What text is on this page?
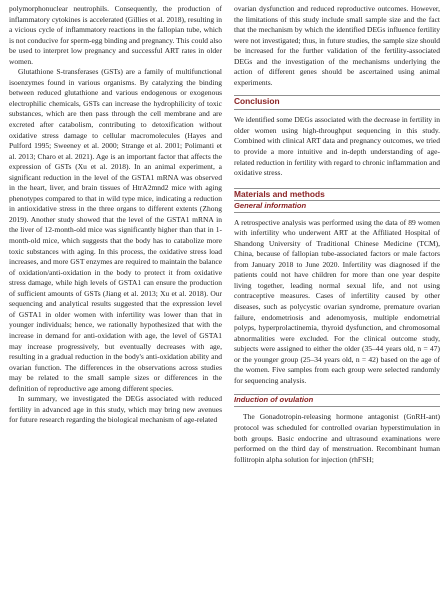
polymorphonuclear neutrophils. Consequently, the production of inflammatory cytokines is accelerated (Gillies et al. 2018), resulting in a vicious cycle of inflammatory reactions in the fallopian tube, which is not conducive for sperm-egg binding and pregnancy. This could also be used to interpret low pregnancy and successful ART rates in older women.

Glutathione S-transferases (GSTs) are a family of multifunctional isoenzymes found in various organisms. By catalyzing the binding between reduced glutathione and various endogenous or exogenous electrophilic chemicals, GSTs can increase the hydrophilicity of toxic substances, which are then pass through the cell membrane and are excreted after catabolism, contributing to detoxification without oxidative stress damage to cellular macromolecules (Hayes and Pulford 1995; Sweeney et al. 2000; Strange et al. 2001; Polimanti et al. 2013; Charo et al. 2021). Age is an important factor that affects the expression of GSTs (Xu et al. 2018). In an animal experiment, a significant reduction in the level of the GSTA1 mRNA was observed in the heart, liver, and brain tissues of HtrA2mnd2 mice with aging phenotypes compared to that in wild type mice, indicating a reduction in antioxidative stress in the three organs to different extents (Zhong 2019). Another study showed that the level of the GSTA1 mRNA in the liver of 12-month-old mice was significantly higher than that in 1-month-old mice, which suggests that the body has to catabolize more toxic substances with aging. In this process, the oxidative stress load increases, and more GST enzymes are required to maintain the balance of oxidation/anti-oxidation in the body to protect it from oxidative stress damage, while high levels of GSTA1 can ensure the production of sufficient amounts of GSTs (Jiang et al. 2013; Xu et al. 2018). Our sequencing and analytical results suggested that the expression level of GSTA1 in older women with infertility was lower than that in younger individuals; hence, we rationally hypothesized that with the increase in demand for anti-oxidation with age, the level of GSTA1 may increase progressively, but eventually decreases with age, resulting in a gradual reduction in the body's anti-oxidation ability and ovarian function. The differences in the observations across studies may be related to the small sample sizes or differences in the definition of reproductive age among different species.

In summary, we investigated the DEGs associated with reduced fertility in advanced age in this study, which may bring new avenues for future research regarding the biological mechanism of age-related

ovarian dysfunction and reduced reproductive outcomes. However, the limitations of this study include small sample size and the fact that the mechanism by which the identified DEGs influence fertility were not investigated; thus, in future studies, the sample size should be increased for the further validation of the fertility-associated DEGs and the investigation of the mechanisms underlying the action of different genes should be ascertained using animal experiments.

Conclusion

We identified some DEGs associated with the decrease in fertility in older women using high-throughput sequencing in this study. Combined with clinical ART data and pregnancy outcomes, we tried to provide a more intuitive and in-depth understanding of age-related reduction in fertility with regard to chronic inflammation and oxidative stress.

Materials and methods
General information

A retrospective analysis was performed using the data of 89 women with infertility who underwent ART at the Affiliated Hospital of Shandong University of Traditional Chinese Medicine (TCM), China, because of fallopian tube-associated factors or male factors from January 2018 to June 2020. Infertility was diagnosed if the patients could not have children for more than one year despite living together, leading normal sexual life, and not using contraceptive measures. Cases of infertility caused by other diseases, such as polycystic ovarian syndrome, premature ovarian failure, endometriosis and adenomyosis, multiple endometrial polyps, hyperprolactinemia, thyroid dysfunction, and chromosomal abnormalities were excluded. For the clinical outcome study, subjects were assigned to either the older (35–44 years old, n = 47) or the younger group (25–34 years old, n = 42) based on the age of the women. Five samples from each group were selected randomly for sequencing analysis.

Induction of ovulation

The Gonadotropin-releasing hormone antagonist (GnRH-ant) protocol was scheduled for controlled ovarian hyperstimulation in both groups. Basic endocrine and ultrasound examinations were performed on the third day of menstruation. Recombinant human follitropin alpha solution for injection (rhFSH;
